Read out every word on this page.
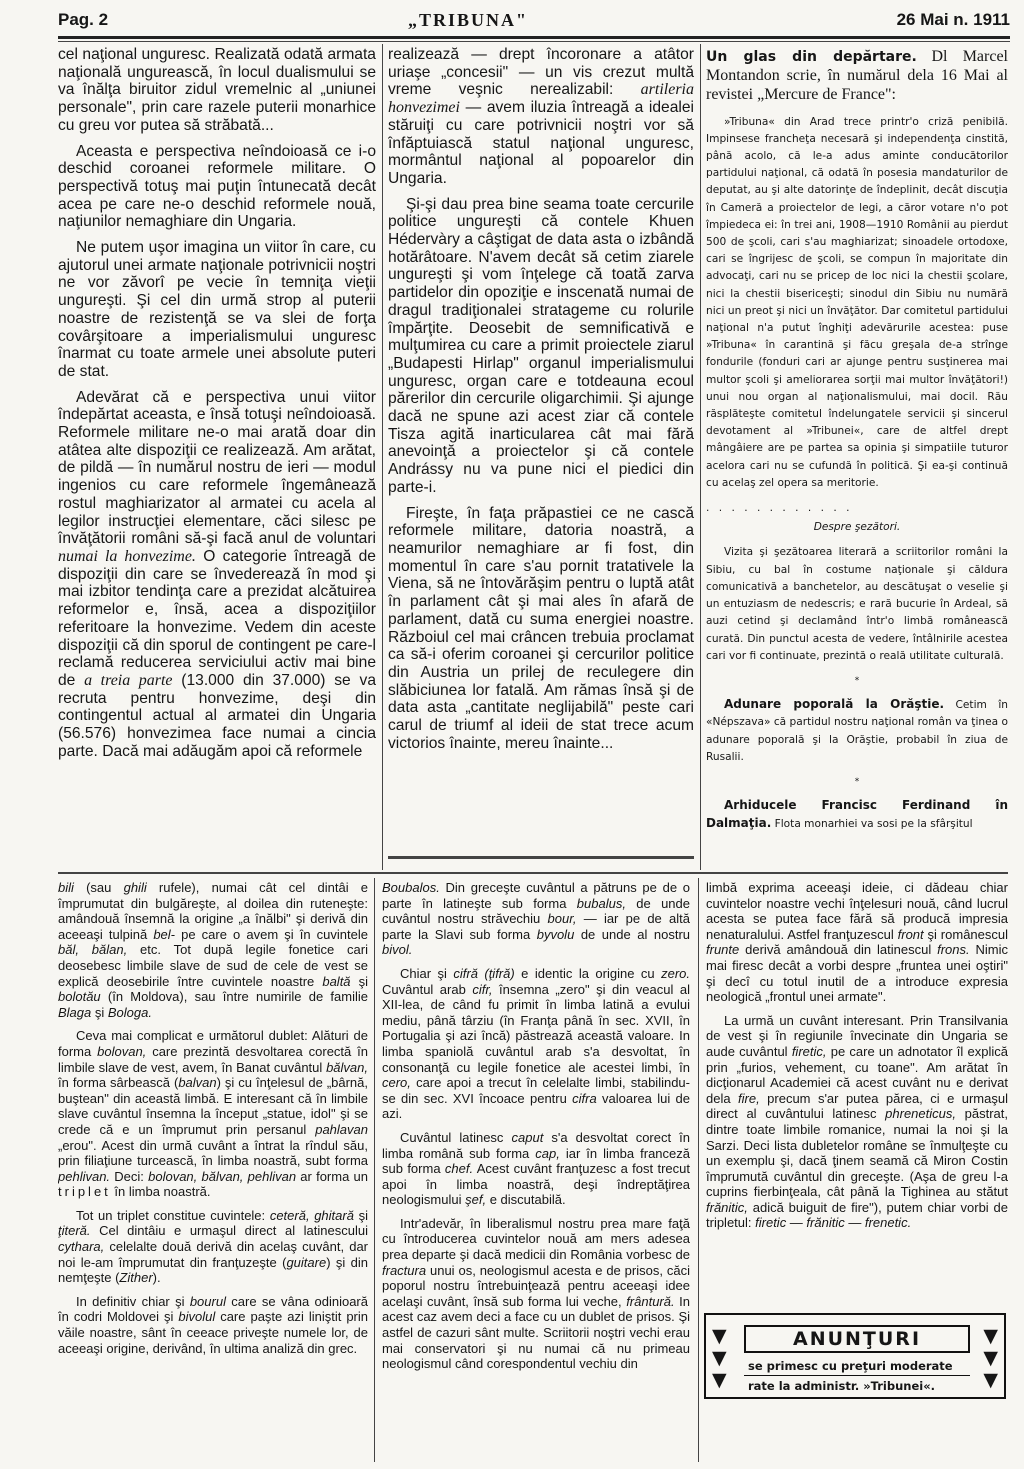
Pag. 2	„TRIBUNA"	26 Mai n. 1911

cel naţional unguresc. Realizată odată armata naţională ungurească, în locul dualismului se va înălţa biruitor zidul vremelnic al „uniunei personale", prin care razele puterii monarhice cu greu vor putea să străbată...

Aceasta e perspectiva neîndoioasă ce i-o deschid coroanei reformele militare. O perspectivă totuş mai puţin întunecată decât acea pe care ne-o deschid reformele nouă, naţiunilor nemaghiare din Ungaria.

Ne putem uşor imagina un viitor în care, cu ajutorul unei armate naţionale potrivnicii noştri ne vor zăvorî pe vecie în temniţa vieţii ungureşti. Şi cel din urmă strop al puterii noastre de rezistenţă se va slei de forţa covârşitoare a imperialismului unguresc înarmat cu toate armele unei absolute puteri de stat.

Adevărat că e perspectiva unui viitor îndepărtat aceasta, e însă totuşi neîndoioasă. Reformele militare ne-o mai arată doar din atâtea alte dispoziţii ce realizează. Am arătat, de pildă — în numărul nostru de ieri — modul ingenios cu care reformele îngemânează rostul maghiarizator al armatei cu acela al legilor instrucţiei elementare, căci silesc pe învăţătorii români să-şi facă anul de voluntari numai la honvezime. O categorie întreagă de dispoziţii din care se învedereazǎ în mod şi mai izbitor tendinţa care a prezidat alcătuirea reformelor e, însă, acea a dispoziţiilor referitoare la honvezime. Vedem din aceste dispoziţii că din sporul de contingent pe care-l reclamă reducerea serviciului activ mai bine de a treia parte (13.000 din 37.000) se va recruta pentru honvezime, deşi din contingentul actual al armatei din Ungaria (56.576) honvezimea face numai a cincia parte. Dacă mai adăugăm apoi că reformele

realizează — drept încoronare a atâtor uriaşe „concesii" — un vis crezut multă vreme veşnic nerealizabil: artileria honvezimei — avem iluzia întreagă a idealei stăruiţi cu care potrivnicii noştri vor să înfăptuiască statul naţional unguresc, mormântul naţional al popoarelor din Ungaria.

Şi-şi dau prea bine seama toate cercurile politice ungureşti că contele Khuen Hédervàry a câştigat de data asta o izbândă hotărâtoare. N'avem decât să cetim ziarele ungureşti şi vom înţelege că toată zarva partidelor din opoziţie e inscenată numai de dragul tradiţionalei stratageme cu rolurile împărţite. Deosebit de semnificativă e mulţumirea cu care a primit proiectele ziarul „Budapesti Hirlap" organul imperialismului unguresc, organ care e totdeauna ecoul părerilor din cercurile oligarchimii. Şi ajunge dacă ne spune azi acest ziar că contele Tisza agită inarticularea cât mai fără anevoinţă a proiectelor şi că contele Andrássy nu va pune nici el piedici din parte-i.

Fireşte, în faţa prăpastiei ce ne cască reformele militare, datoria noastră, a neamurilor nemaghiare ar fi fost, din momentul în care s'au pornit tratativele la Viena, să ne întovărăşim pentru o luptă atât în parlament cât şi mai ales în afară de parlament, dată cu suma energiei noastre. Războiul cel mai crâncen trebuia proclamat ca să-i oferim coroanei şi cercurilor politice din Austria un prilej de reculegere din slăbiciunea lor fatală. Am rămas însă şi de data asta „cantitate neglijabilă" peste cari carul de triumf al ideii de stat trece acum victorios înainte, mereu înainte...

Un glas din depărtare. Dl Marcel Montandon scrie, în numărul dela 16 Mai al revistei „Mercure de France":

»Tribuna« din Arad trece printr'o criză penibilă. Impinsese francheţa necesară şi independenţa cinstită, până acolo, că le-a adus aminte conducătorilor partidului naţional, că odată în posesia mandaturilor de deputat, au şi alte datorinţe de îndeplinit, decât discuţia în Cameră a proiectelor de legi, a căror votare n'o pot împiedeca ei: în trei ani, 1908—1910 Românii au pierdut 500 de şcoli, cari s'au maghiarizat; sinoadele ortodoxe, cari se îngrijesc de şcoli, se compun în majoritate din advocaţi, cari nu se pricep de loc nici la chestii şcolare, nici la chestii bisericeşti; sinodul din Sibiu nu numără nici un preot şi nici un învăţător. Dar comitetul partidului naţional n'a putut înghiţi adevărurile acestea: puse »Tribuna« în carantină şi făcu greşala de-a strînge fondurile (fonduri cari ar ajunge pentru susţinerea mai multor şcoli şi ameliorarea sorţii mai multor învăţători!) unui nou organ al naţionalismului, mai docil. Rău răsplăteşte comitetul îndelungatele servicii şi sincerul devotament al »Tribunei«, care de altfel drept mângâiere are pe partea sa opinia şi simpatiile tuturor acelora cari nu se cufundă în politică. Şi ea-şi continuă cu acelaş zel opera sa meritorie.

. . . . . . . . . . . .

Despre şezători.

Vizita şi şezătoarea literară a scriitorilor români la Sibiu, cu bal în costume naţionale şi căldura comunicativă a banchetelor, au descătuşat o veselie şi un entuziasm de nedescris; e rară bucurie în Ardeal, să auzi cetind şi declamând într'o limbă românească curată. Din punctul acesta de vedere, întâlnirile acestea cari vor fi continuate, prezintă o reală utilitate culturală.

*

Adunare poporală la Orăştie. Cetim în «Népszava» că partidul nostru naţional român va ţinea o adunare poporală şi la Orăştie, probabil în ziua de Rusalii.

*

Arhiducele Francisc Ferdinand în Dalmaţia. Flota monarhiei va sosi pe la sfârşitul

bili (sau ghili rufele), numai cât cel dintâi e împrumutat din bulgăreşte, al doilea din ruteneşte: amândouă însemnă la origine „a înălbi" şi derivă din aceeaşi tulpină bel- pe care o avem şi în cuvintele băl, bălan, etc. Tot după legile fonetice cari deosebesc limbile slave de sud de cele de vest se explică deosebirile între cuvintele noastre baltă şi bolotău (în Moldova), sau între numirile de familie Blaga şi Bologa.

Ceva mai complicat e următorul dublet: Alături de forma bolovan, care prezintă desvoltarea corectă în limbile slave de vest, avem, în Banat cuvântul bălvan, în forma sârbească (balvan) şi cu înţelesul de „bârnă, buştean" din această limbă. E interesant că în limbile slave cuvântul însemna la început „statue, idol" şi se crede că e un împrumut prin persanul pahlavan „erou". Acest din urmă cuvânt a întrat la rîndul său, prin filiaţiune turcească, în limba noastră, subt forma pehlivan. Deci: bolovan, bălvan, pehlivan ar forma un triplet în limba noastră.

Tot un triplet constitue cuvintele: ceteră, ghitară şi ţiteră. Cel dintâiu e urmaşul direct al latinescului cythara, celelalte două derivă din acelaş cuvânt, dar noi le-am împrumutat din franţuzeşte (guitare) şi din nemţeşte (Zither).

In definitiv chiar şi bourul care se vâna odinioară în codri Moldovei şi bivolul care paşte azi liniştit prin văile noastre, sânt în ceeace priveşte numele lor, de aceeaşi origine, derivând, în ultima analiză din grec.

Boubalos. Din greceşte cuvântul a pătruns pe de o parte în latineşte sub forma bubalus, de unde cuvântul nostru străvechiu bour, — iar pe de altă parte la Slavi sub forma byvolu de unde al nostru bivol.

Chiar şi cifră (ţifră) e identic la origine cu zero. Cuvântul arab cifr, însemna „zero" şi din veacul al XII-lea, de când fu primit în limba latină a evului mediu, până târziu (în Franţa până în sec. XVII, în Portugalia şi azi încă) păstrează această valoare. In limba spaniolă cuvântul arab s'a desvoltat, în consonanţă cu legile fonetice ale acestei limbi, în cero, care apoi a trecut în celelalte limbi, stabilindu-se din sec. XVI încoace pentru cifra valoarea lui de azi.

Cuvântul latinesc caput s'a desvoltat corect în limba română sub forma cap, iar în limba franceză sub forma chef. Acest cuvânt franţuzesc a fost trecut apoi în limba noastră, deşi îndreptăţirea neologismului şef, e discutabilă.

Intr'adevăr, în liberalismul nostru prea mare faţă cu întroducerea cuvintelor nouă am mers adesea prea departe şi dacă medicii din România vorbesc de fractura unui os, neologismul acesta e de prisos, căci poporul nostru întrebuinţează pentru aceeaşi idee acelaşi cuvânt, însă sub forma lui veche, frântură. In acest caz avem deci a face cu un dublet de prisos. Şi astfel de cazuri sânt multe. Scriitorii noştri vechi erau mai conservatori şi nu numai că nu primeau neologismul când corespondentul vechiu din

limbă exprima aceeaşi ideie, ci dădeau chiar cuvintelor noastre vechi înţelesuri nouă, când lucrul acesta se putea face fără să producă impresia nenaturalului. Astfel franţuzescul front şi românescul frunte derivă amândouă din latinescul frons. Nimic mai firesc decât a vorbi despre „fruntea unei oştiri" şi decî cu totul inutil de a introduce expresia neologică „frontul unei armate".

La urmă un cuvânt interesant. Prin Transilvania de vest şi în regiunile învecinate din Ungaria se aude cuvântul firetic, pe care un adnotator îl explică prin „furios, vehement, cu toane". Am arătat în dicţionarul Academiei că acest cuvânt nu e derivat dela fire, precum s'ar putea părea, ci e urmaşul direct al cuvântului latinesc phreneticus, păstrat, dintre toate limbile romanice, numai la noi şi la Sarzi. Deci lista dubletelor române se înmulţeşte cu un exemplu şi, dacă ţinem seamă că Miron Costin împrumută cuvântul din greceşte. (Aşa de greu l-a cuprins fierbinţeala, cât până la Tighinea au stătut frănitic, adică buiguit de fire"), putem chiar vorbi de tripletul: firetic — frănitic — frenetic.

▼
▼
▼
▼
▼
▼
ANUNŢURI
se primesc cu preţuri moderate
rate la administr. »Tribunei«.
